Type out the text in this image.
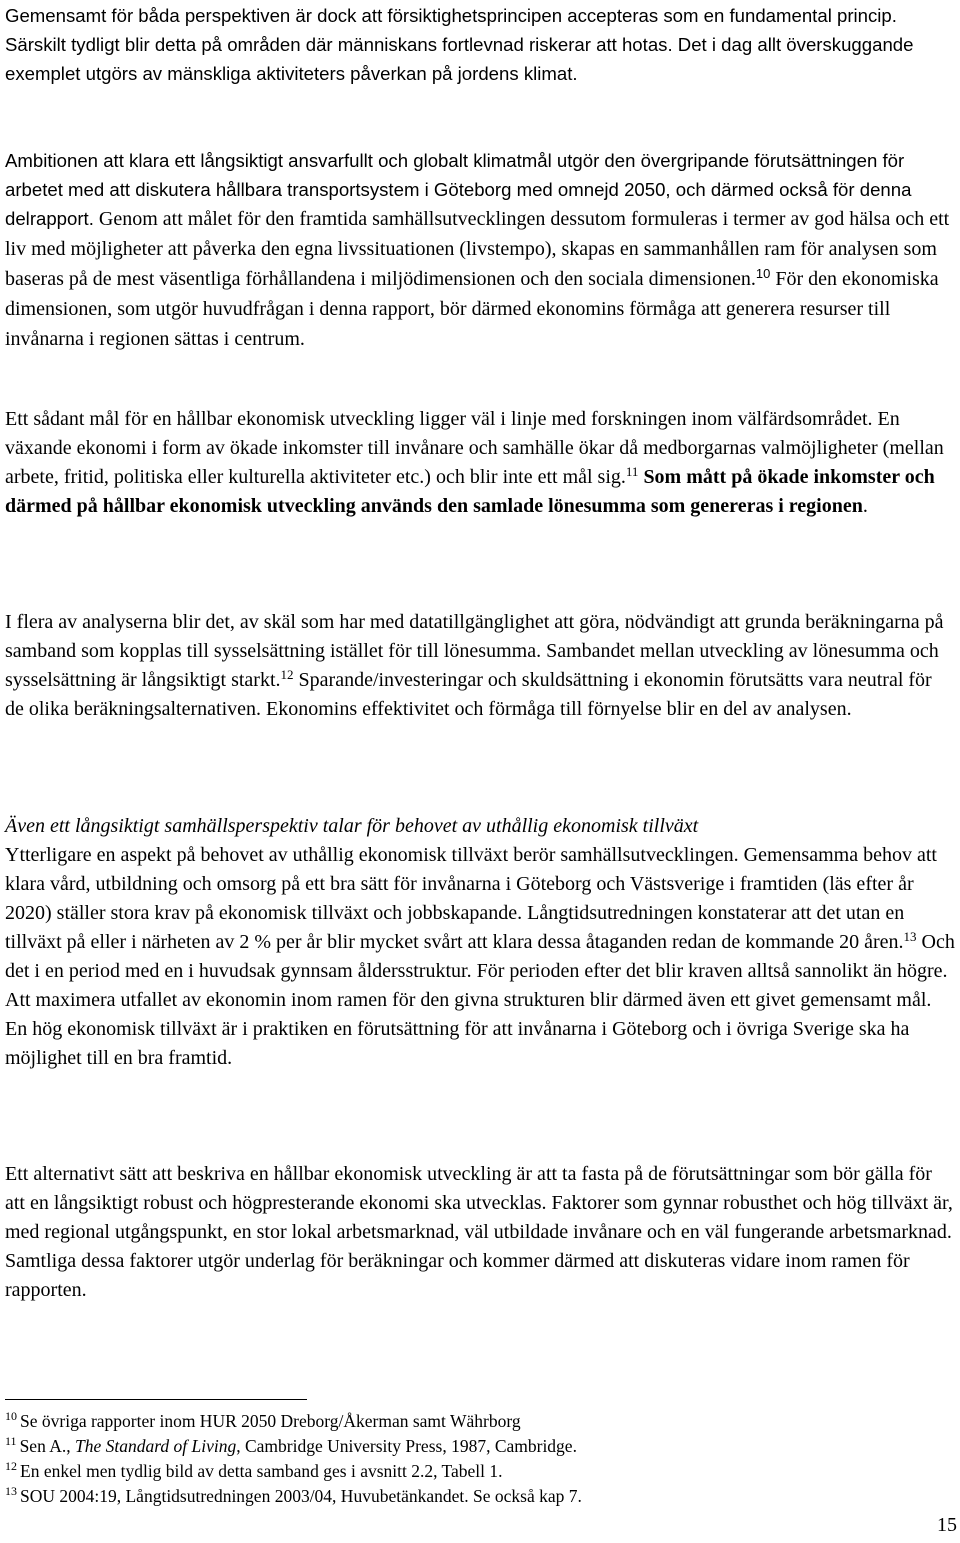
Gemensamt för båda perspektiven är dock att försiktighetsprincipen accepteras som en fundamental princip. Särskilt tydligt blir detta på områden där människans fortlevnad riskerar att hotas. Det i dag allt överskuggande exemplet utgörs av mänskliga aktiviteters påverkan på jordens klimat.

Ambitionen att klara ett långsiktigt ansvarfullt och globalt klimatmål utgör den övergripande förutsättningen för arbetet med att diskutera hållbara transportsystem i Göteborg med omnejd 2050, och därmed också för denna delrapport. Genom att målet för den framtida samhällsutvecklingen dessutom formuleras i termer av god hälsa och ett liv med möjligheter att påverka den egna livssituationen (livstempo), skapas en sammanhållen ram för analysen som baseras på de mest väsentliga förhållandena i miljödimensionen och den sociala dimensionen.$^{10}$ För den ekonomiska dimensionen, som utgör huvudfrågan i denna rapport, bör därmed ekonomins förmåga att generera resurser till invånarna i regionen sättas i centrum.

Ett sådant mål för en hållbar ekonomisk utveckling ligger väl i linje med forskningen inom välfärdsområdet. En växande ekonomi i form av ökade inkomster till invånare och samhälle ökar då medborgarnas valmöjligheter (mellan arbete, fritid, politiska eller kulturella aktiviteter etc.) och blir inte ett mål sig.$^{11}$ Som mått på ökade inkomster och därmed på hållbar ekonomisk utveckling används den samlade lönesumma som genereras i regionen.

I flera av analyserna blir det, av skäl som har med datatillgänglighet att göra, nödvändigt att grunda beräkningarna på samband som kopplas till sysselsättning istället för till lönesumma. Sambandet mellan utveckling av lönesumma och sysselsättning är långsiktigt starkt.$^{12}$ Sparande/investeringar och skuldsättning i ekonomin förutsätts vara neutral för de olika beräkningsalternativen. Ekonomins effektivitet och förmåga till förnyelse blir en del av analysen.

Även ett långsiktigt samhällsperspektiv talar för behovet av uthållig ekonomisk tillväxt

Ytterligare en aspekt på behovet av uthållig ekonomisk tillväxt berör samhällsutvecklingen. Gemensamma behov att klara vård, utbildning och omsorg på ett bra sätt för invånarna i Göteborg och Västsverige i framtiden (läs efter år 2020) ställer stora krav på ekonomisk tillväxt och jobbskapande. Långtidsutredningen konstaterar att det utan en tillväxt på eller i närheten av 2 % per år blir mycket svårt att klara dessa åtaganden redan de kommande 20 åren.$^{13}$ Och det i en period med en i huvudsak gynnsam åldersstruktur. För perioden efter det blir kraven alltså sannolikt än högre. Att maximera utfallet av ekonomin inom ramen för den givna strukturen blir därmed även ett givet gemensamt mål. En hög ekonomisk tillväxt är i praktiken en förutsättning för att invånarna i Göteborg och i övriga Sverige ska ha möjlighet till en bra framtid.

Ett alternativt sätt att beskriva en hållbar ekonomisk utveckling är att ta fasta på de förutsättningar som bör gälla för att en långsiktigt robust och högpresterande ekonomi ska utvecklas. Faktorer som gynnar robusthet och hög tillväxt är, med regional utgångspunkt, en stor lokal arbetsmarknad, väl utbildade invånare och en väl fungerande arbetsmarknad. Samtliga dessa faktorer utgör underlag för beräkningar och kommer därmed att diskuteras vidare inom ramen för rapporten.

$^{10}$ Se övriga rapporter inom HUR 2050 Dreborg/Åkerman samt Währborg

$^{11}$ Sen A., The Standard of Living, Cambridge University Press, 1987, Cambridge.

$^{12}$ En enkel men tydlig bild av detta samband ges i avsnitt 2.2, Tabell 1.

$^{13}$ SOU 2004:19, Långtidsutredningen 2003/04, Huvubetänkandet. Se också kap 7.

15
